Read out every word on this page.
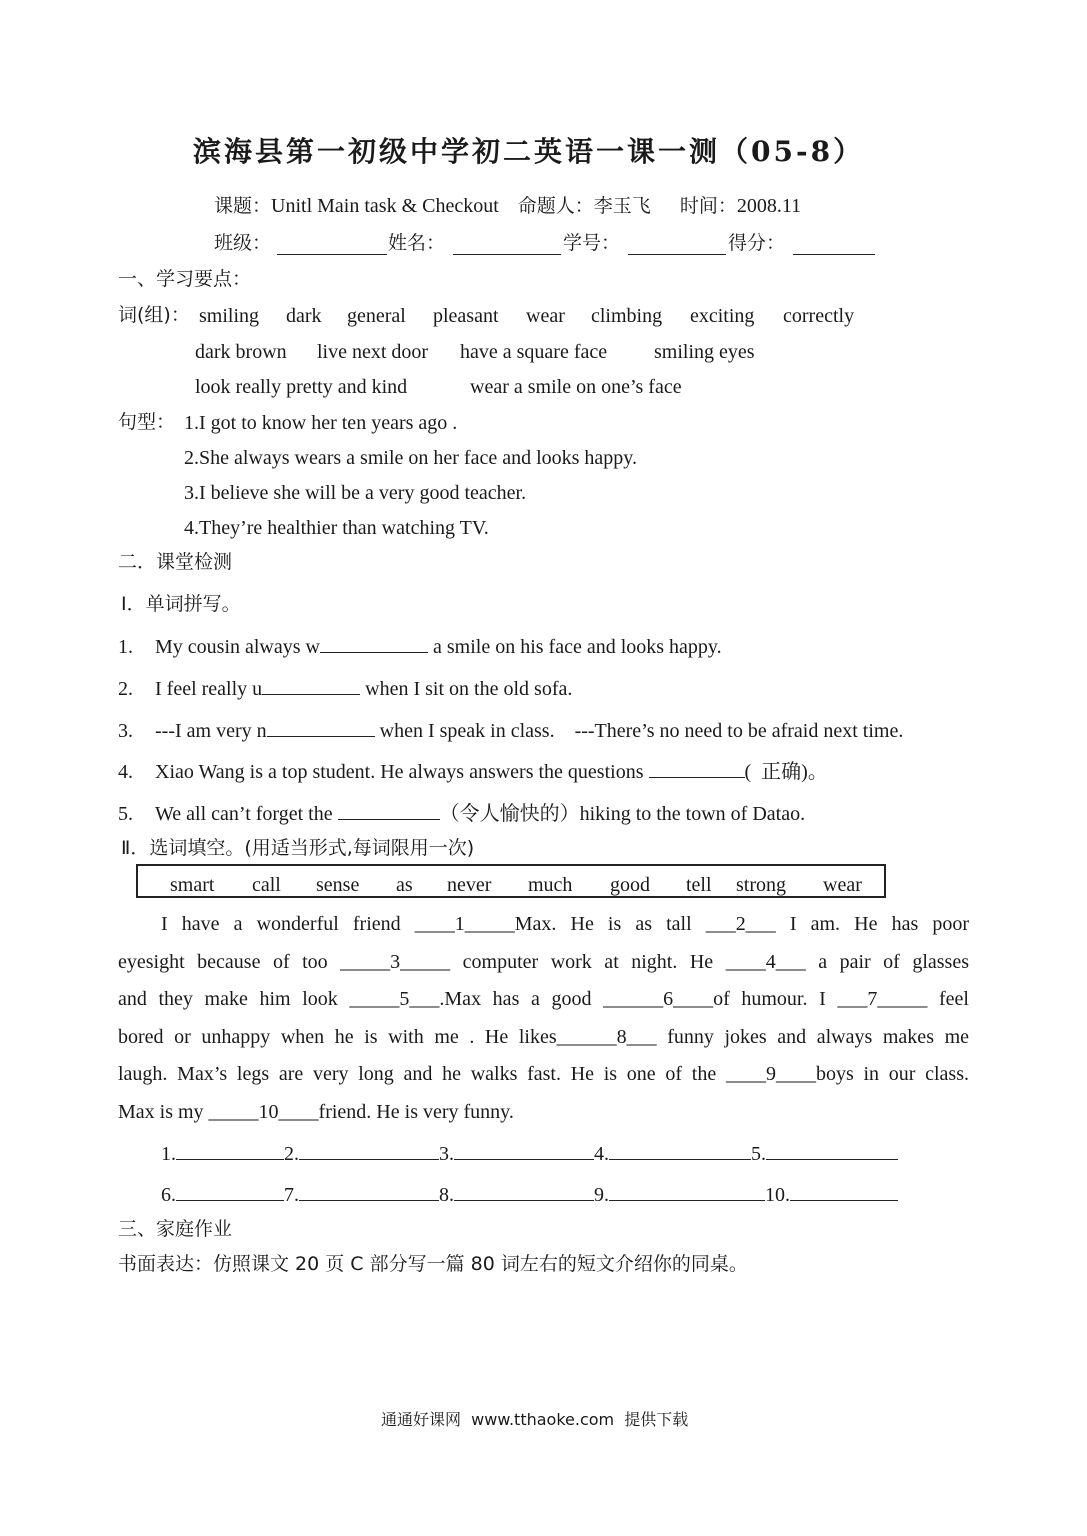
滨海县第一初级中学初二英语一课一测（05-8）
课题：Unitl Main task & Checkout 命题人：李玉飞 时间：2008.11
班级：	姓名：	学号：	得分：
一、学习要点：
词(组)： smiling dark general pleasant wear climbing exciting correctly
dark brown live next door have a square face smiling eyes
look really pretty and kind	wear a smile on one’s face
句型： 1.I got to know her ten years ago .
2.She always wears a smile on her face and looks happy.
3.I believe she will be a very good teacher.
4.They’re healthier than watching TV.
二．课堂检测
Ⅰ．单词拼写。
1. My cousin always w	a smile on his face and looks happy.
2. I feel really u	when I sit on the old sofa.
3. ---I am very n	when I speak in class.    ---There’s no need to be afraid next time.
4. Xiao Wang is a top student. He always answers the questions	(  正确)。
5. We all can’t forget the	（令人愉快的）hiking to the town of Datao.
Ⅱ．选词填空。(用适当形式,每词限用一次)
smart call sense as never much good tell strong wear
I have a wonderful friend ____1_____Max. He is as tall ___2___ I am. He has poor
eyesight because of too _____3_____ computer work at night. He ____4___ a pair of glasses
and they make him look _____5___.Max has a good ______6____of humour. I ___7_____ feel
bored or unhappy when he is with me . He likes______8___ funny jokes and always makes me
laugh. Max’s legs are very long and he walks fast. He is one of the ____9____boys in our class.
Max is my _____10____friend. He is very funny.
1.	2.	3.	4.	5.
6.	7.	8.	9.	10.
三、家庭作业
书面表达：仿照课文 20 页 C 部分写一篇 80 词左右的短文介绍你的同桌。
通通好课网  www.tthaoke.com  提供下载
